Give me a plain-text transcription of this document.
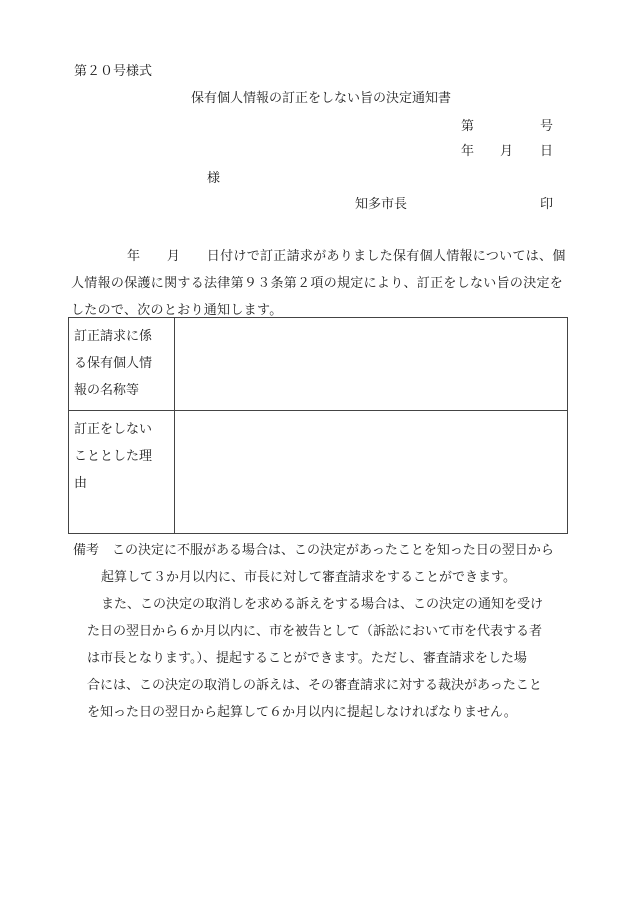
第２０号様式
保有個人情報の訂正をしない旨の決定通知書
第	号
年 月 日
様
知多市長	印
年　　月　　日付けで訂正請求がありました保有個人情報については、個
人情報の保護に関する法律第９３条第２項の規定により、訂正をしない旨の決定を
したので、次のとおり通知します。
訂正請求に係
る保有個人情
報の名称等	

訂正をしない
こととした理
由	

備考　この決定に不服がある場合は、この決定があったことを知った日の翌日から
起算して３か月以内に、市長に対して審査請求をすることができます。
また、この決定の取消しを求める訴えをする場合は、この決定の通知を受け
た日の翌日から６か月以内に、市を被告として（訴訟において市を代表する者
は市長となります。）、提起することができます。ただし、審査請求をした場
合には、この決定の取消しの訴えは、その審査請求に対する裁決があったこと
を知った日の翌日から起算して６か月以内に提起しなければなりません。
